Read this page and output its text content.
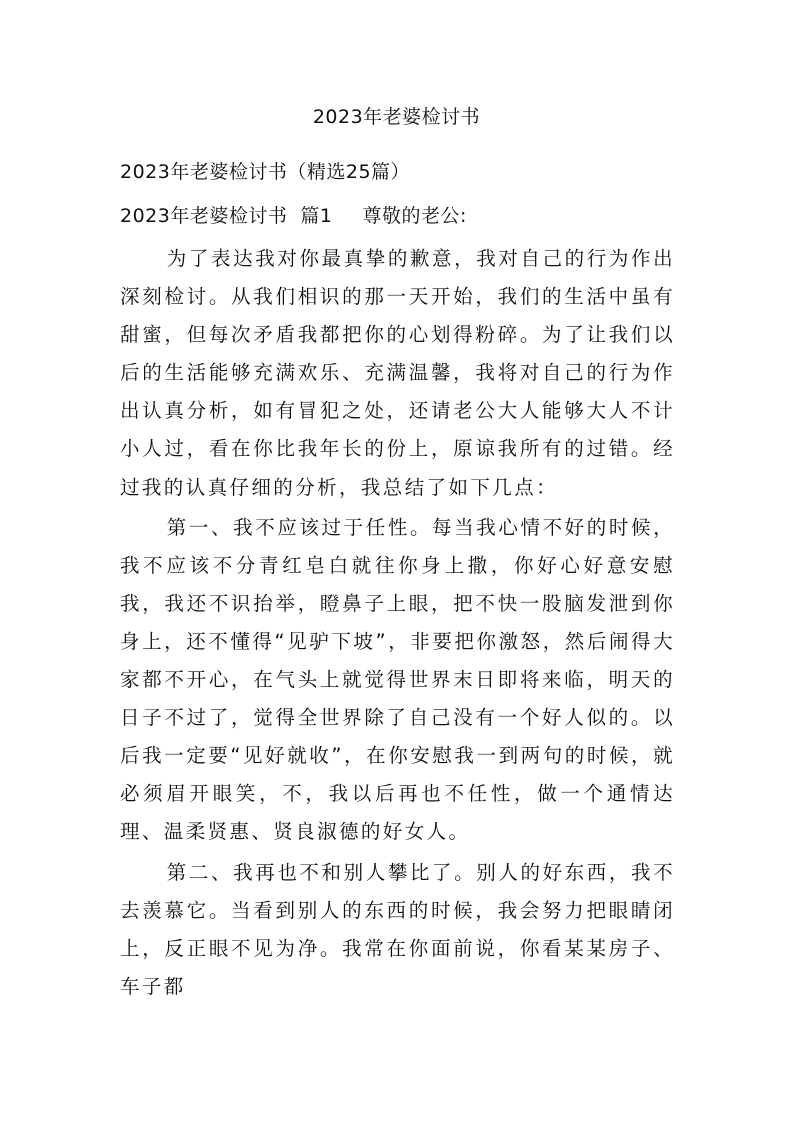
2023年老婆检讨书
2023年老婆检讨书（精选25篇）
2023年老婆检讨书  篇1 尊敬的老公:

为了表达我对你最真挚的歉意，我对自己的行为作出深刻检讨。从我们相识的那一天开始，我们的生活中虽有甜蜜，但每次矛盾我都把你的心划得粉碎。为了让我们以后的生活能够充满欢乐、充满温馨，我将对自己的行为作出认真分析，如有冒犯之处，还请老公大人能够大人不计小人过，看在你比我年长的份上，原谅我所有的过错。经过我的认真仔细的分析，我总结了如下几点：

第一、我不应该过于任性。每当我心情不好的时候，我不应该不分青红皂白就往你身上撒，你好心好意安慰我，我还不识抬举，瞪鼻子上眼，把不快一股脑发泄到你身上，还不懂得“见驴下坡”，非要把你激怒，然后闹得大家都不开心，在气头上就觉得世界末日即将来临，明天的日子不过了，觉得全世界除了自己没有一个好人似的。以后我一定要“见好就收”，在你安慰我一到两句的时候，就必须眉开眼笑，不，我以后再也不任性，做一个通情达理、温柔贤惠、贤良淑德的好女人。

第二、我再也不和别人攀比了。别人的好东西，我不去羡慕它。当看到别人的东西的时候，我会努力把眼睛闭上，反正眼不见为净。我常在你面前说，你看某某房子、车子都
